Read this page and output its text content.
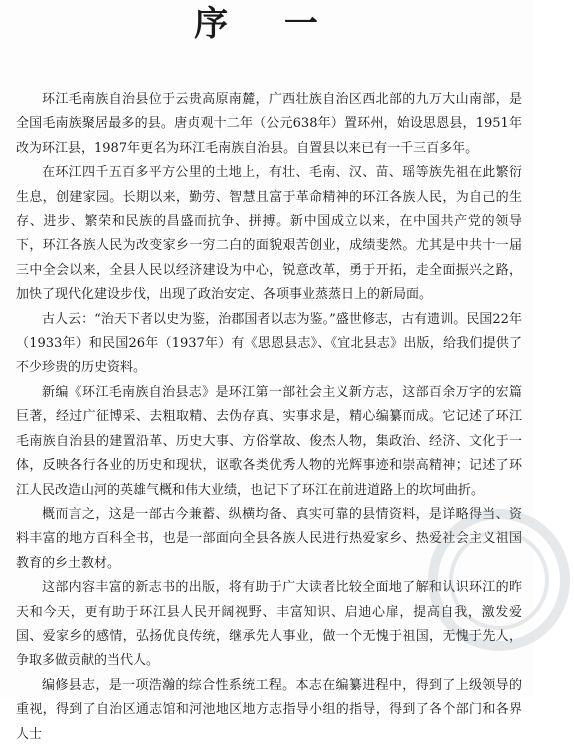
序 一

环江毛南族自治县位于云贵高原南麓，广西壮族自治区西北部的九万大山南部，是全国毛南族聚居最多的县。唐贞观十二年（公元638年）置环州，始设思恩县，1951年改为环江县，1987年更名为环江毛南族自治县。自置县以来已有一千三百多年。

在环江四千五百多平方公里的土地上，有壮、毛南、汉、苗、瑶等族先祖在此繁衍生息，创建家园。长期以来，勤劳、智慧且富于革命精神的环江各族人民，为自己的生存、进步、繁荣和民族的昌盛而抗争、拼搏。新中国成立以来，在中国共产党的领导下，环江各族人民为改变家乡一穷二白的面貌艰苦创业，成绩斐然。尤其是中共十一届三中全会以来，全县人民以经济建设为中心，锐意改革，勇于开拓，走全面振兴之路，加快了现代化建设步伐，出现了政治安定、各项事业蒸蒸日上的新局面。

古人云：“治天下者以史为鉴，治郡国者以志为鉴。”盛世修志，古有遗训。民国22年（1933年）和民国26年（1937年）有《思恩县志》、《宜北县志》出版，给我们提供了不少珍贵的历史资料。

新编《环江毛南族自治县志》是环江第一部社会主义新方志，这部百余万字的宏篇巨著，经过广征博采、去粗取精、去伪存真、实事求是，精心编纂而成。它记述了环江毛南族自治县的建置沿革、历史大事、方俗掌故、俊杰人物，集政治、经济、文化于一体，反映各行各业的历史和现状，讴歌各类优秀人物的光辉事迹和崇高精神；记述了环江人民改造山河的英雄气概和伟大业绩，也记下了环江在前进道路上的坎坷曲折。

概而言之，这是一部古今兼蓄、纵横均备、真实可靠的县情资料，是详略得当、资料丰富的地方百科全书，也是一部面向全县各族人民进行热爱家乡、热爱社会主义祖国教育的乡土教材。

这部内容丰富的新志书的出版，将有助于广大读者比较全面地了解和认识环江的昨天和今天，更有助于环江县人民开阔视野、丰富知识、启迪心扉，提高自我，激发爱国、爱家乡的感情，弘扬优良传统，继承先人事业，做一个无愧于祖国，无愧于先人，争取多做贡献的当代人。

编修县志，是一项浩瀚的综合性系统工程。本志在编纂进程中，得到了上级领导的重视，得到了自治区通志馆和河池地区地方志指导小组的指导，得到了各个部门和各界人士
